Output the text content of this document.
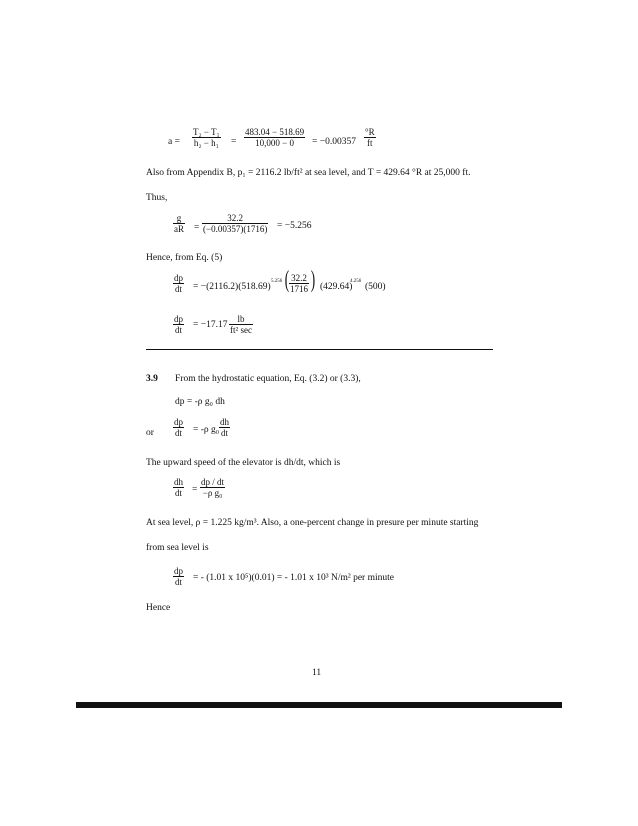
a =
T₂ − T₁
h₂ − h₁ =
483.04 − 518.69
10,000 − 0 = −0.00357
°R
ft
Also from Appendix B, p₁ = 2116.2 lb/ft² at sea level, and T = 429.64 °R at 25,000 ft.
Thus,
g
aR =
32.2
(−0.00357)(1716) = −5.256
Hence, from Eq. (5)
dp
dt = −(2116.2)(518.69)
5.256 ( 32.2
1716 ) (429.64)
4.256
(500)
dp
dt = −17.17
lb
ft² sec
3.9 From the hydrostatic equation, Eq. (3.2) or (3.3),
dp = -ρ g₀ dh
or
dp
dt = -ρ g₀
dh
dt
The upward speed of the elevator is dh/dt, which is
dh
dt =
dp / dt
−ρ g₀
At sea level, ρ = 1.225 kg/m³. Also, a one-percent change in presure per minute starting
from sea level is
dp
dt = - (1.01 x 10⁵)(0.01) = - 1.01 x 10³ N/m² per minute
Hence
11
